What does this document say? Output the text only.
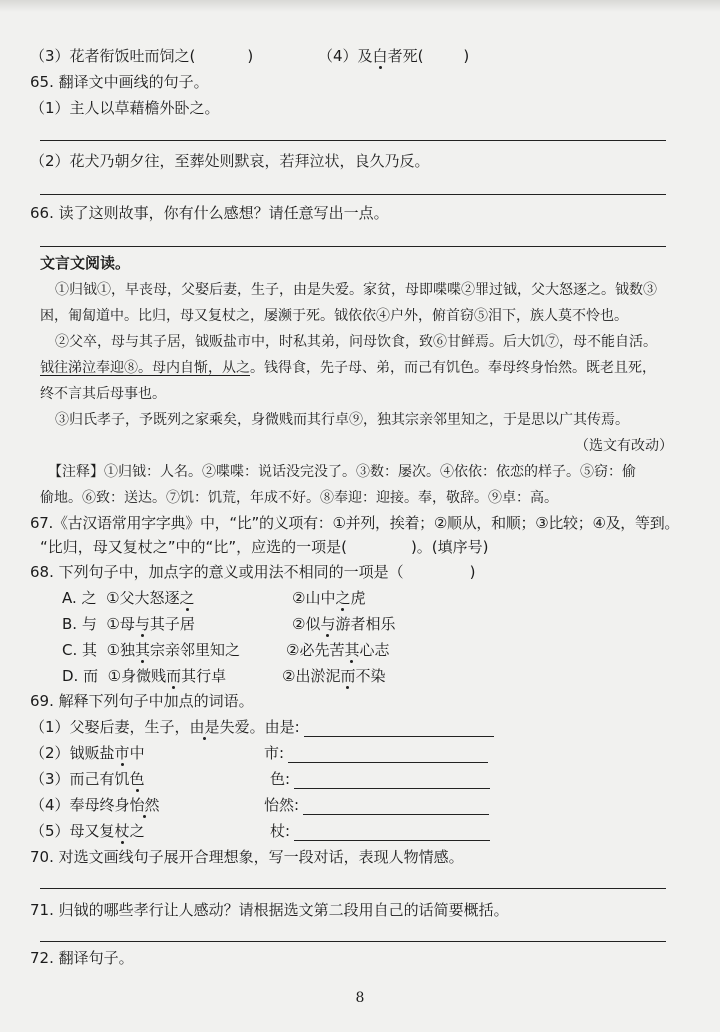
（3）花者衔饭吐而饲之(	)	（4）及白者死(	)
65. 翻译文中画线的句子。
（1）主人以草藉檐外卧之。
（2）花犬乃朝夕往，至葬处则默哀，若拜泣状，良久乃反。
66. 读了这则故事，你有什么感想？请任意写出一点。
文言文阅读。
①归钺①，早丧母，父娶后妻，生子，由是失爱。家贫，母即喋喋②罪过钺，父大怒逐之。钺数③
困，匍匐道中。比归，母又复杖之，屡濒于死。钺依依④户外，俯首窃⑤泪下，族人莫不怜也。
②父卒，母与其子居，钺贩盐市中，时私其弟，问母饮食，致⑥甘鲜焉。后大饥⑦，母不能自活。
钺往涕泣奉迎⑧。母内自惭，从之。钱得食，先子母、弟，而己有饥色。奉母终身怡然。既老且死，
终不言其后母事也。
③归氏孝子，予既列之家乘矣，身微贱而其行卓⑨，独其宗亲邻里知之，于是思以广其传焉。
（选文有改动）
【注释】①归钺：人名。②喋喋：说话没完没了。③数：屡次。④依依：依恋的样子。⑤窃：偷
偷地。⑥致：送达。⑦饥：饥荒，年成不好。⑧奉迎：迎接。奉，敬辞。⑨卓：高。
67.《古汉语常用字字典》中，“比”的义项有：①并列，挨着；②顺从，和顺；③比较；④及，等到。
“比归，母又复杖之”中的“比”，应选的一项是(	)。(填序号)
68. 下列句子中，加点字的意义或用法不相同的一项是（	)
A. 之 ①父大怒逐之	②山中之虎
B. 与 ①母与其子居	②似与游者相乐
C. 其 ①独其宗亲邻里知之	②必先苦其心志
D. 而 ①身微贱而其行卓	②出淤泥而不染
69. 解释下列句子中加点的词语。
（1）父娶后妻，生子，由是失爱。由是:
（2）钺贩盐市中	市:
（3）而己有饥色	色:
（4）奉母终身怡然	怡然:
（5）母又复杖之	杖:
70. 对选文画线句子展开合理想象，写一段对话，表现人物情感。
71. 归钺的哪些孝行让人感动？请根据选文第二段用自己的话简要概括。
72. 翻译句子。
8
